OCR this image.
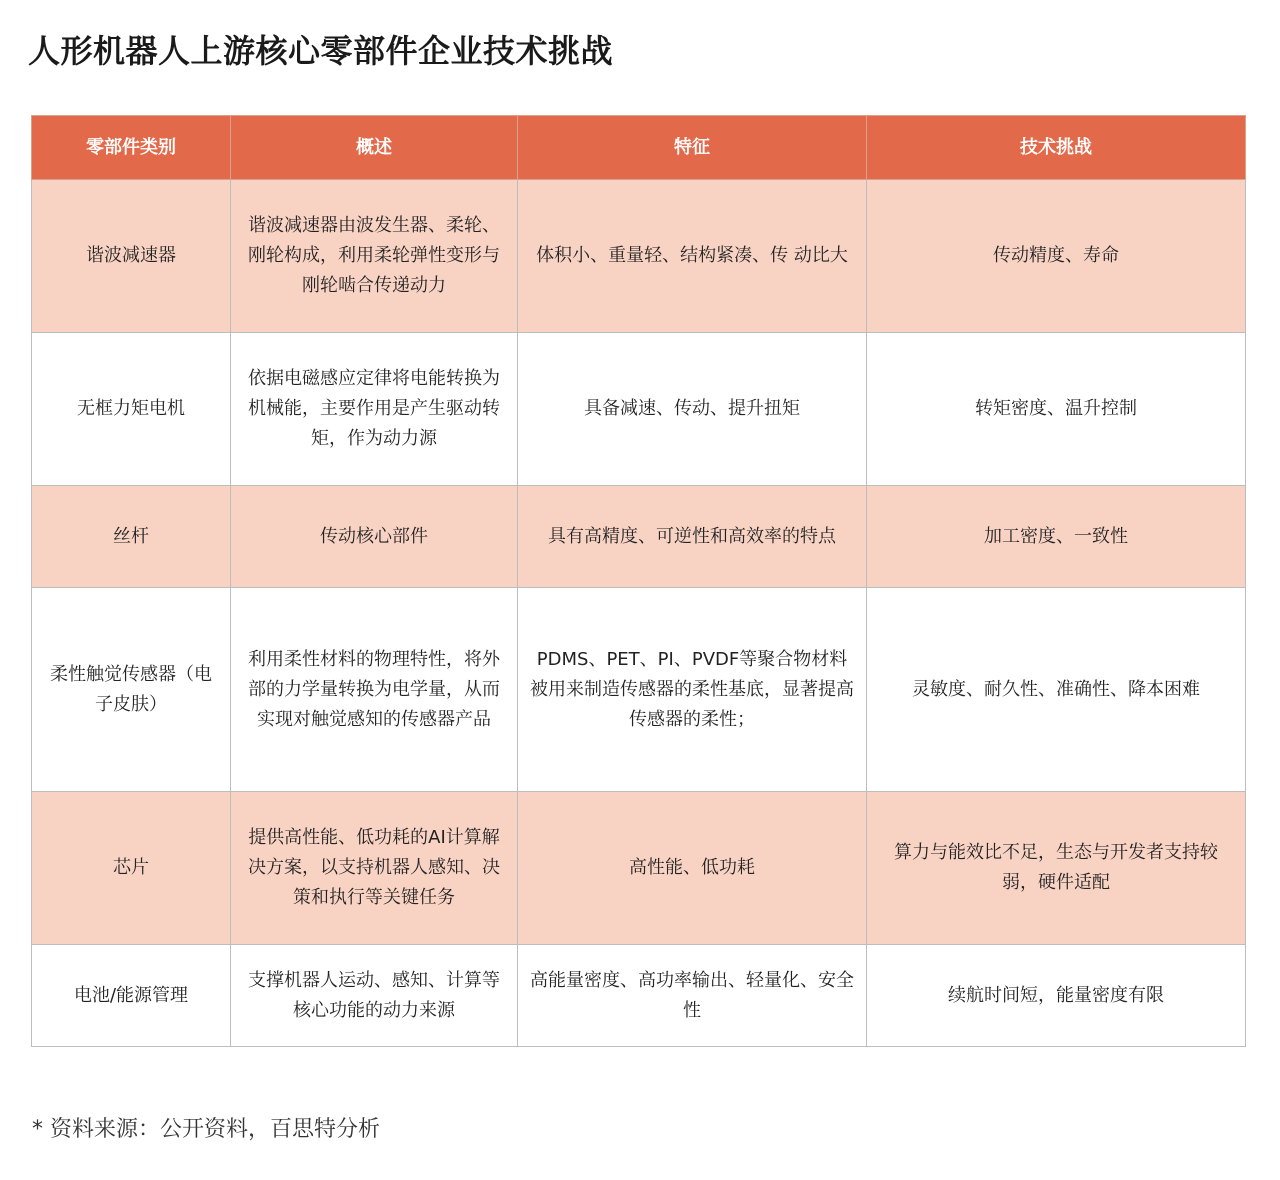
人形机器人上游核心零部件企业技术挑战
零部件类别	概述	特征	技术挑战
谐波减速器	谐波减速器由波发生器、柔轮、刚轮构成，利用柔轮弹性变形与刚轮啮合传递动力	体积小、重量轻、结构紧凑、传 动比大	传动精度、寿命
无框力矩电机	依据电磁感应定律将电能转换为机械能，主要作用是产生驱动转矩，作为动力源	具备减速、传动、提升扭矩	转矩密度、温升控制
丝杆	传动核心部件	具有高精度、可逆性和高效率的特点	加工密度、一致性
柔性触觉传感器（电子皮肤）	利用柔性材料的物理特性，将外部的力学量转换为电学量，从而实现对触觉感知的传感器产品	PDMS、PET、PI、PVDF等聚合物材料被用来制造传感器的柔性基底，显著提高传感器的柔性；	灵敏度、耐久性、准确性、降本困难
芯片	提供高性能、低功耗的AI计算解决方案，以支持机器人感知、决策和执行等关键任务	高性能、低功耗	算力与能效比不足，生态与开发者支持较弱，硬件适配
电池/能源管理	支撑机器人运动、感知、计算等核心功能的动力来源	高能量密度、高功率输出、轻量化、安全性	续航时间短，能量密度有限
* 资料来源：公开资料，百思特分析
